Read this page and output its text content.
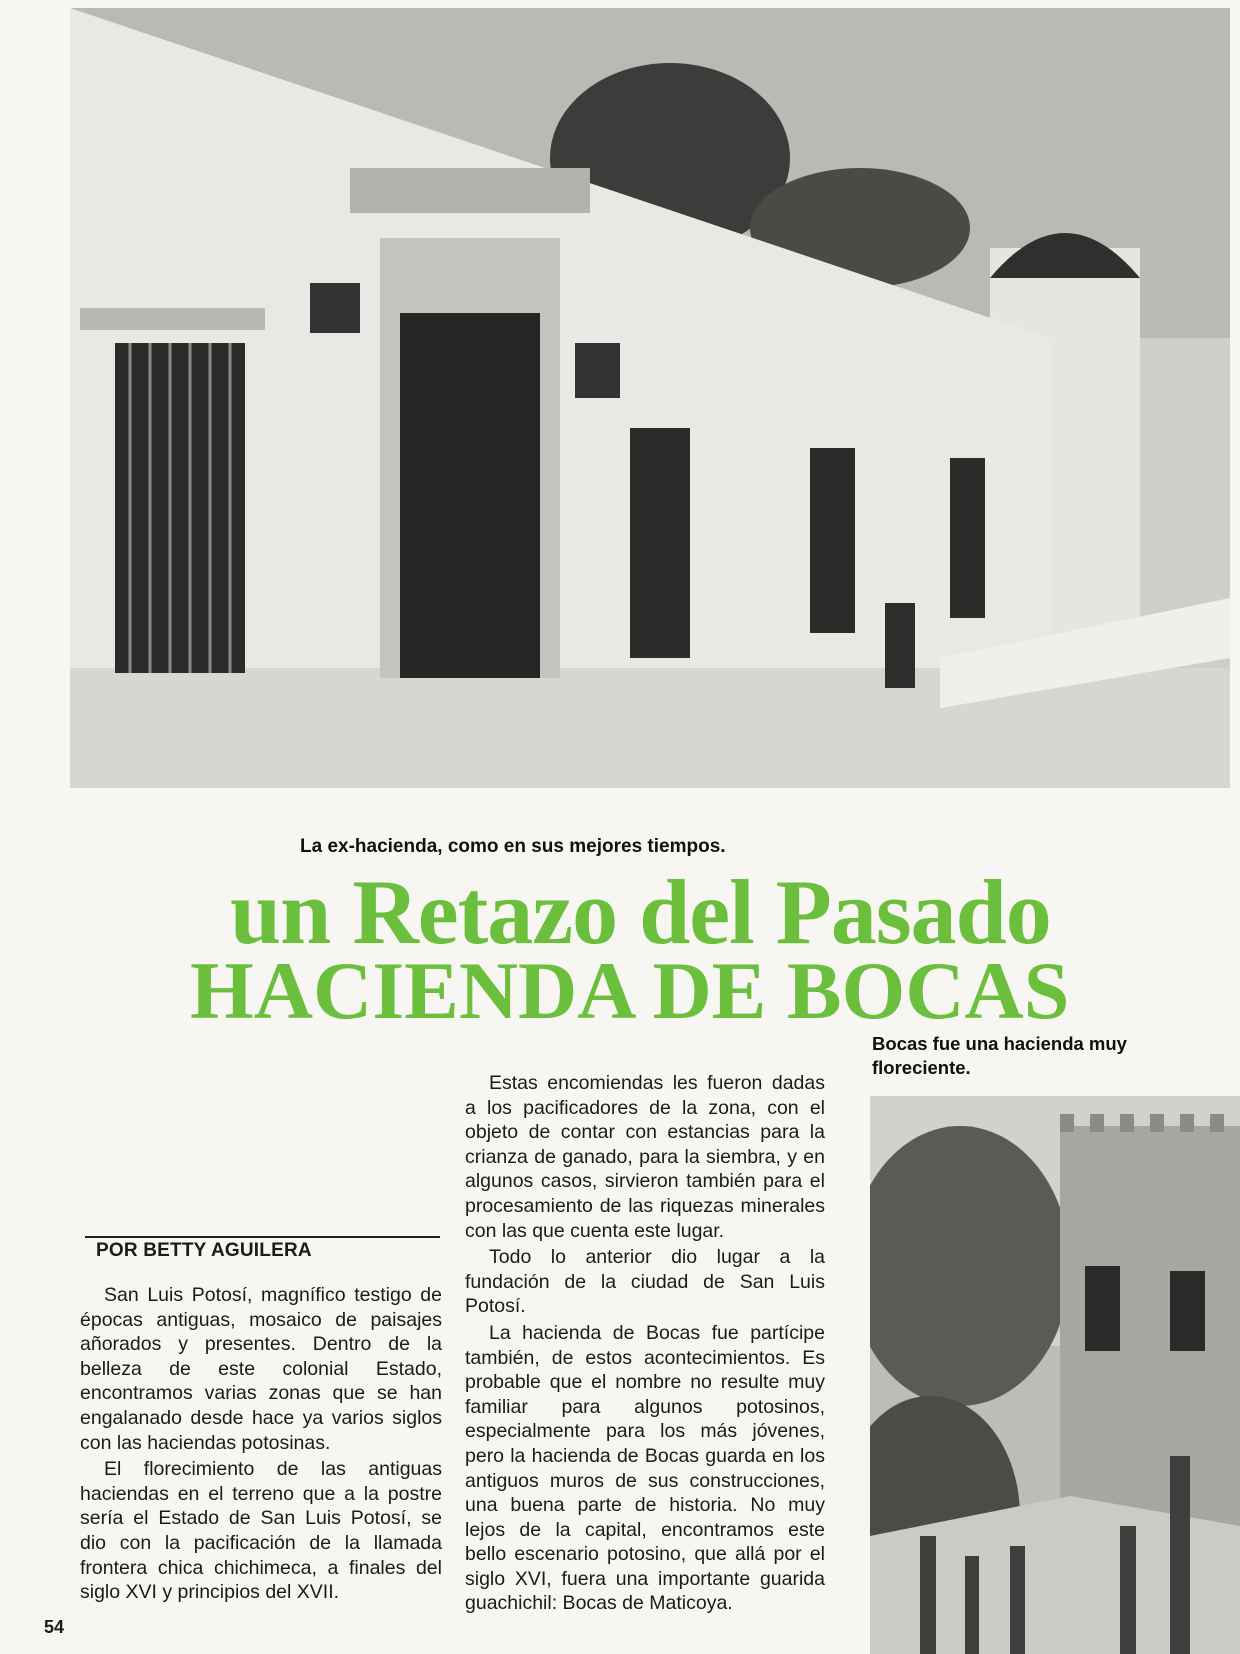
La ex-hacienda, como en sus mejores tiempos.
un Retazo del Pasado
HACIENDA DE BOCAS
POR BETTY AGUILERA

San Luis Potosí, magnífico testigo de épocas antiguas, mosaico de paisajes añorados y presentes. Dentro de la belleza de este colonial Estado, encontramos varias zonas que se han engalanado desde hace ya varios siglos con las haciendas potosinas.

El florecimiento de las antiguas haciendas en el terreno que a la postre sería el Estado de San Luis Potosí, se dio con la pacificación de la llamada frontera chica chichimeca, a finales del siglo XVI y principios del XVII.

Estas encomiendas les fueron dadas a los pacificadores de la zona, con el objeto de contar con estancias para la crianza de ganado, para la siembra, y en algunos casos, sirvieron también para el procesamiento de las riquezas minerales con las que cuenta este lugar.

Todo lo anterior dio lugar a la fundación de la ciudad de San Luis Potosí.

La hacienda de Bocas fue partícipe también, de estos acontecimientos. Es probable que el nombre no resulte muy familiar para algunos potosinos, especialmente para los más jóvenes, pero la hacienda de Bocas guarda en los antiguos muros de sus construcciones, una buena parte de historia. No muy lejos de la capital, encontramos este bello escenario potosino, que allá por el siglo XVI, fuera una importante guarida guachichil: Bocas de Maticoya.

Bocas fue una hacienda muy floreciente.
54
